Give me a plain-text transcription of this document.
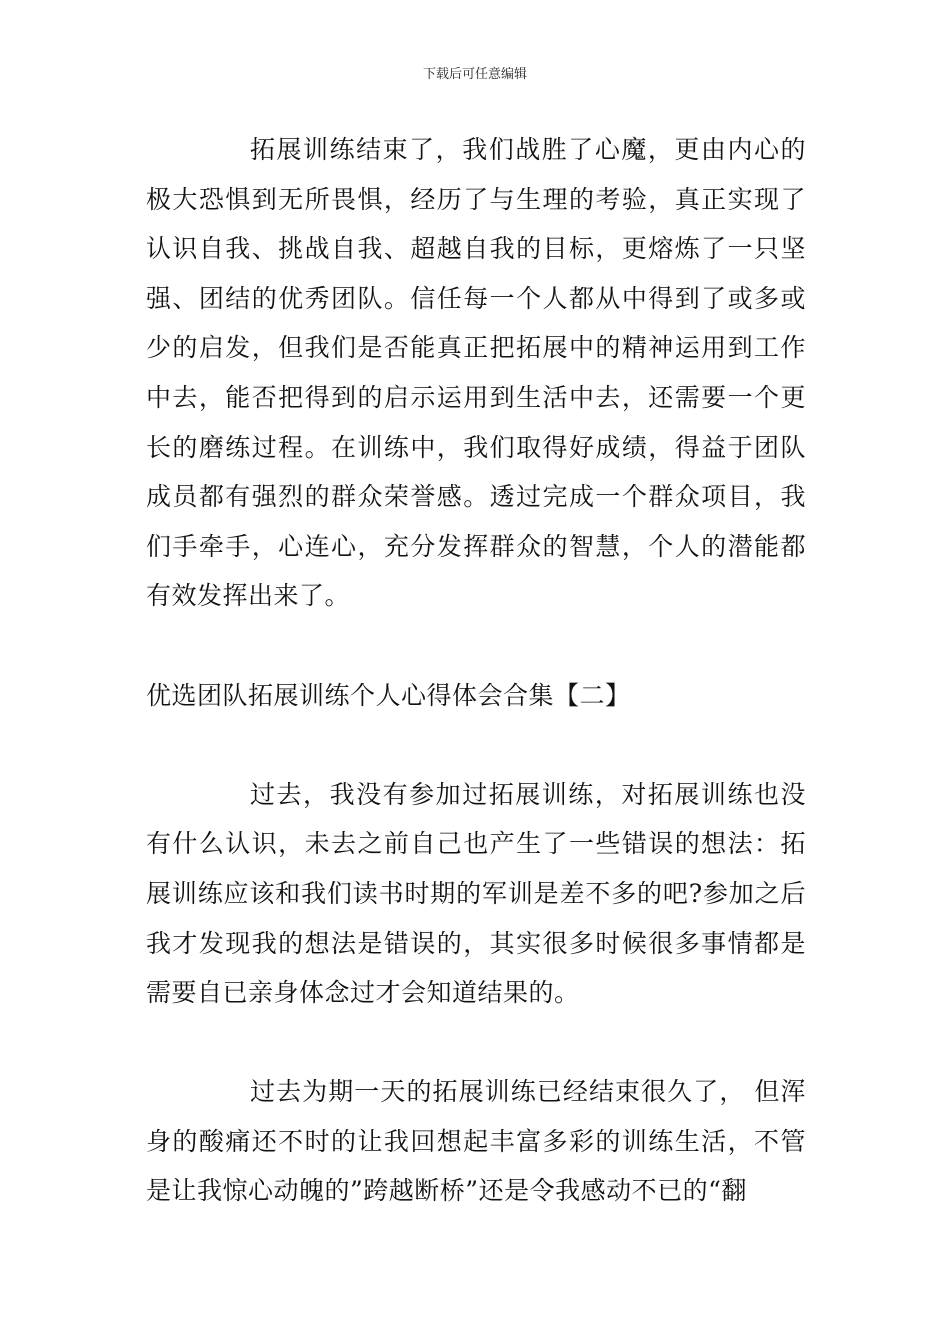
下载后可任意编辑

拓展训练结束了，我们战胜了心魔，更由内心的极大恐惧到无所畏惧，经历了与生理的考验，真正实现了认识自我、挑战自我、超越自我的目标，更熔炼了一只坚强、团结的优秀团队。信任每一个人都从中得到了或多或少的启发，但我们是否能真正把拓展中的精神运用到工作中去，能否把得到的启示运用到生活中去，还需要一个更长的磨练过程。在训练中，我们取得好成绩，得益于团队成员都有强烈的群众荣誉感。透过完成一个群众项目，我们手牵手，心连心，充分发挥群众的智慧，个人的潜能都有效发挥出来了。

优选团队拓展训练个人心得体会合集【二】

过去，我没有参加过拓展训练，对拓展训练也没有什么认识，未去之前自己也产生了一些错误的想法：拓展训练应该和我们读书时期的军训是差不多的吧?参加之后我才发现我的想法是错误的，其实很多时候很多事情都是需要自已亲身体念过才会知道结果的。

过去为期一天的拓展训练已经结束很久了， 但浑身的酸痛还不时的让我回想起丰富多彩的训练生活，不管是让我惊心动魄的”跨越断桥”还是令我感动不已的“翻
